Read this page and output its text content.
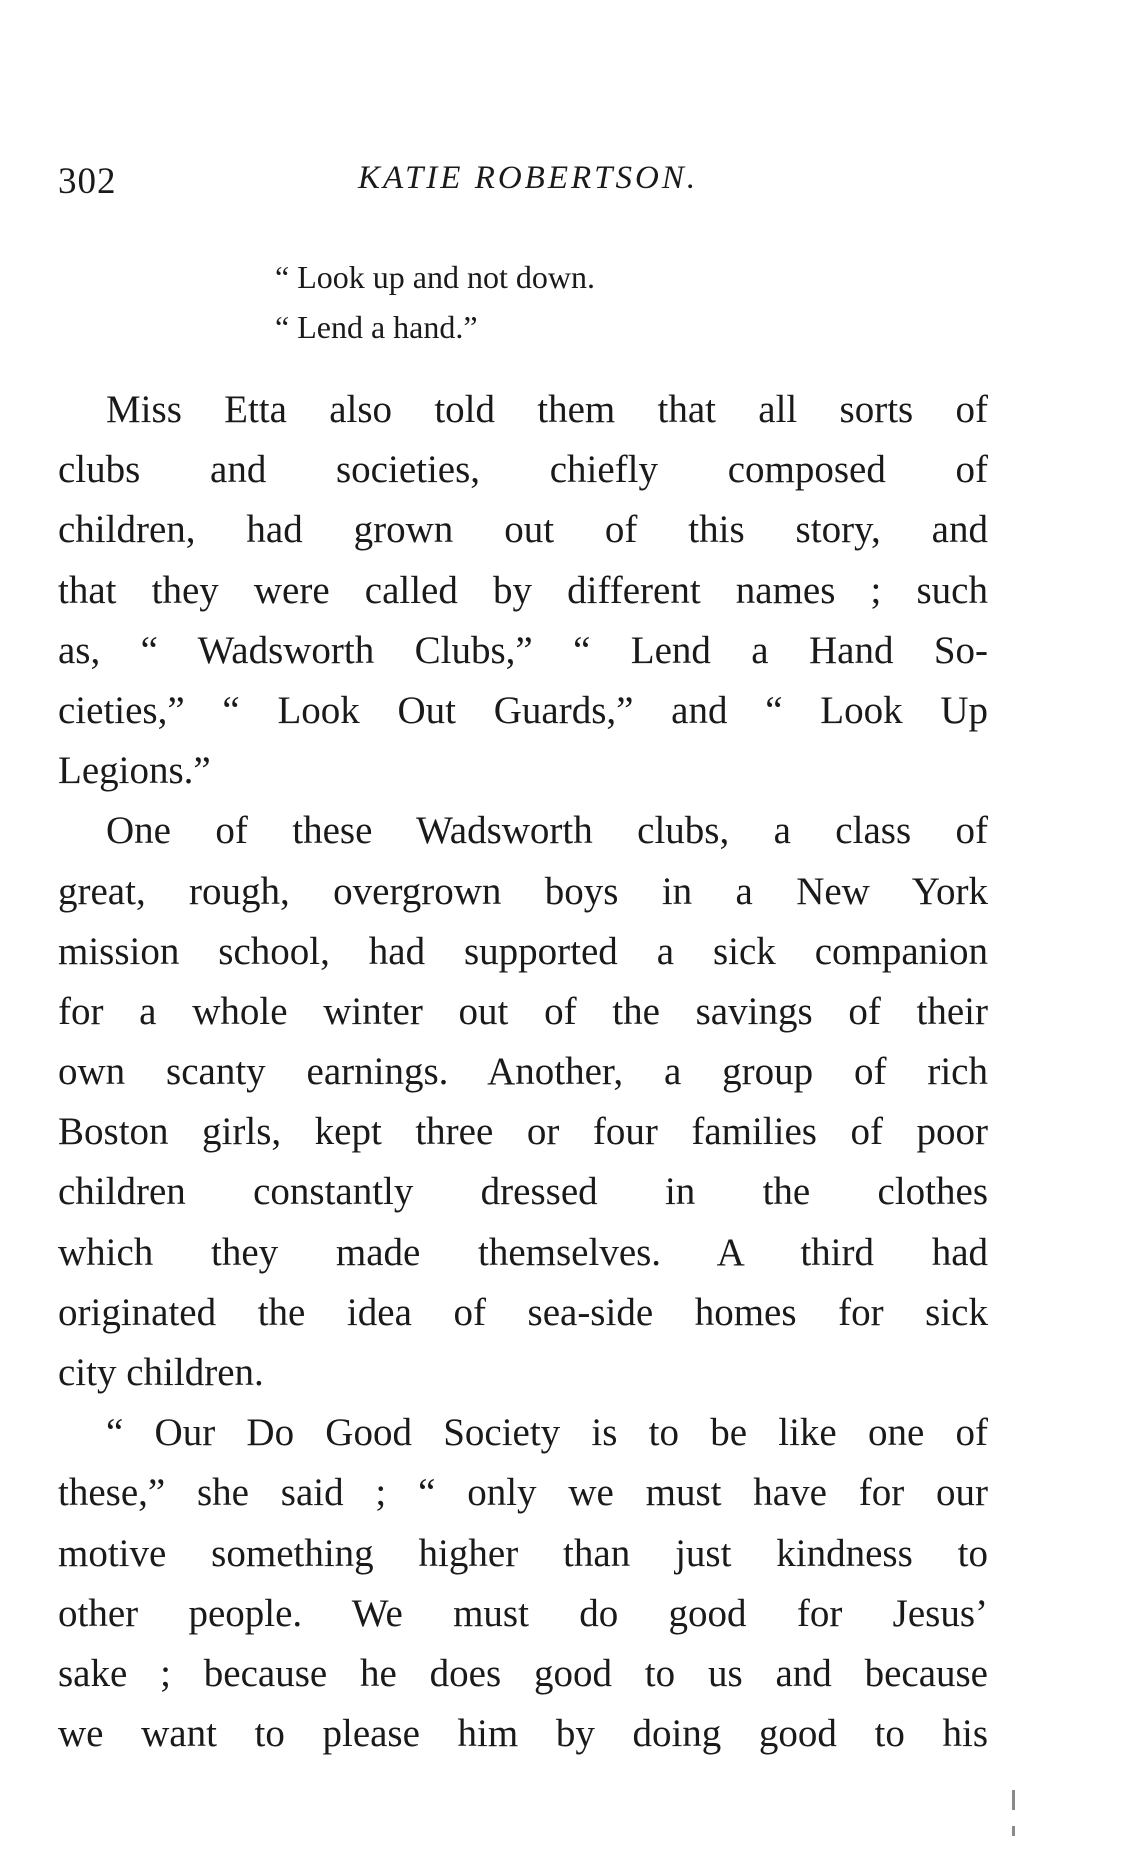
302	KATIE ROBERTSON.
“ Look up and not down.
“ Lend a hand.”
Miss Etta also told them that all sorts of
clubs and societies, chiefly composed of
children, had grown out of this story, and
that they were called by different names ; such
as, “ Wadsworth Clubs,” “ Lend a Hand So-
cieties,” “ Look Out Guards,” and “ Look Up
Legions.”
One of these Wadsworth clubs, a class of
great, rough, overgrown boys in a New York
mission school, had supported a sick companion
for a whole winter out of the savings of their
own scanty earnings. Another, a group of rich
Boston girls, kept three or four families of poor
children constantly dressed in the clothes
which they made themselves. A third had
originated the idea of sea-side homes for sick
city children.
“ Our Do Good Society is to be like one of
these,” she said ; “ only we must have for our
motive something higher than just kindness to
other people. We must do good for Jesus’
sake ; because he does good to us and because
we want to please him by doing good to his
